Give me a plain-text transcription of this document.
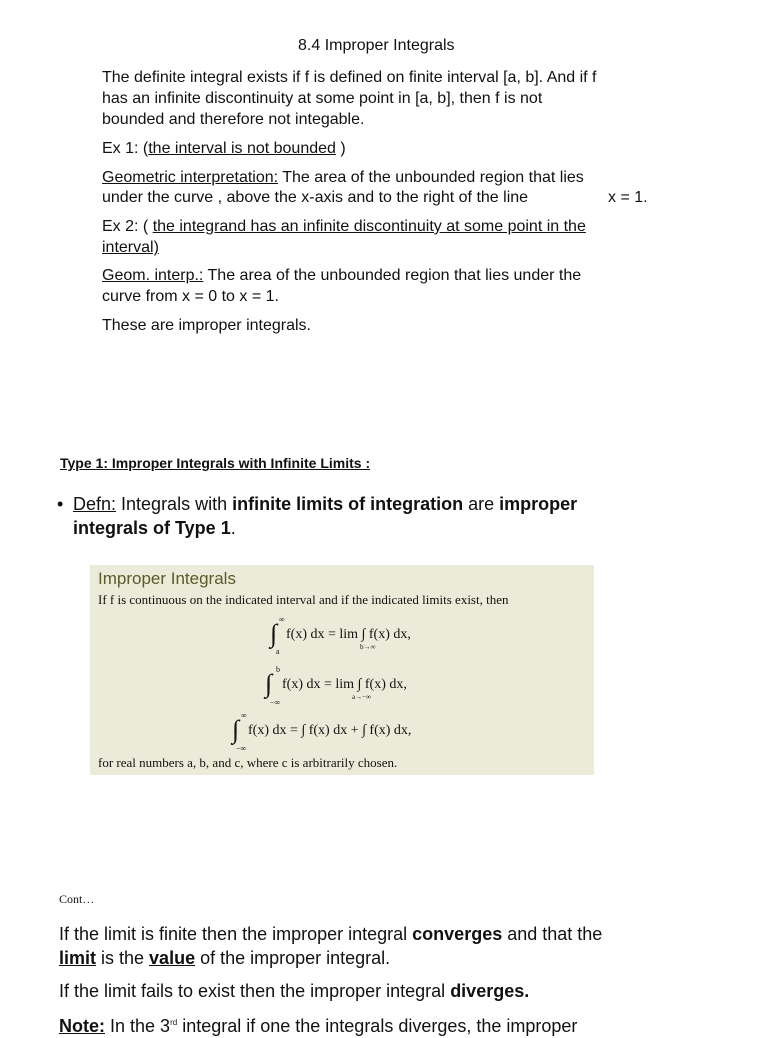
8.4 Improper Integrals
The definite integral exists if f is defined on finite interval [a, b]. And if f
has an infinite discontinuity at some point in [a, b], then f is not
bounded and therefore not integable.
Ex 1: (the interval is not bounded )
Geometric interpretation: The area of the unbounded region that lies
under the curve , above the x-axis and to the right of the line	x = 1.
Ex 2: ( the integrand has an infinite discontinuity at some point in the
interval)
Geom. interp.: The area of the unbounded region that lies under the
curve from x = 0 to x = 1.
These are improper integrals.
Type 1: Improper Integrals with Infinite Limits :
• Defn: Integrals with infinite limits of integration are improper
integrals of Type 1.
Improper Integrals
If f is continuous on the indicated interval and if the indicated limits exist, then
∫ ∞
a
f(x) dx = lim ∫ f(x) dx,
b→∞
∫ b
−∞
f(x) dx = lim ∫ f(x) dx,
a→−∞
∫ ∞
−∞
f(x) dx = ∫ f(x) dx + ∫ f(x) dx,
for real numbers a, b, and c, where c is arbitrarily chosen.
Cont…
If the limit is finite then the improper integral converges and that the
limit is the value of the improper integral.
If the limit fails to exist then the improper integral diverges.
Note: In the 3rd integral if one the integrals diverges, the improper
